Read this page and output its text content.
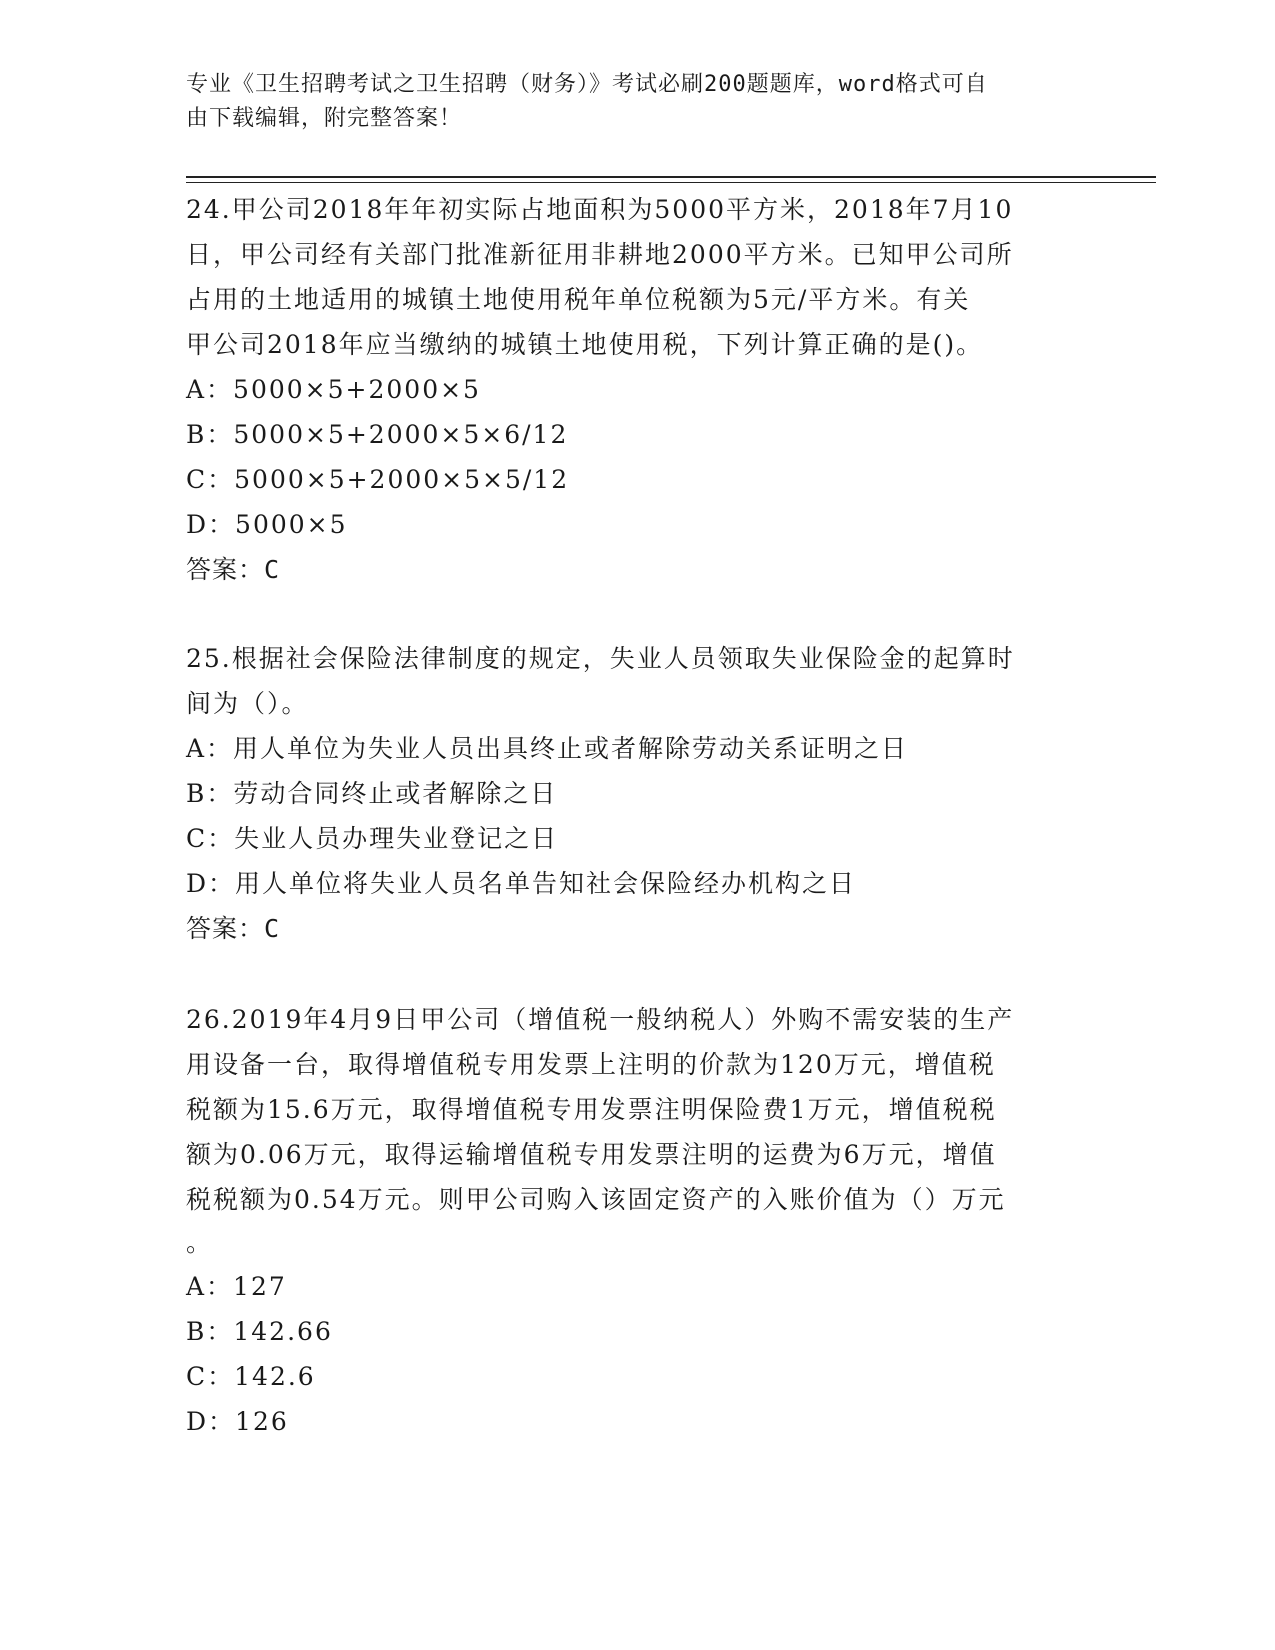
专业《卫生招聘考试之卫生招聘（财务）》考试必刷200题题库，word格式可自
由下载编辑，附完整答案！

24.甲公司2018年年初实际占地面积为5000平方米，2018年7月10

日，甲公司经有关部门批准新征用非耕地2000平方米。已知甲公司所

占用的土地适用的城镇土地使用税年单位税额为5元/平方米。有关

甲公司2018年应当缴纳的城镇土地使用税，下列计算正确的是()。

A：5000×5+2000×5

B：5000×5+2000×5×6/12

C：5000×5+2000×5×5/12

D：5000×5

答案：C

25.根据社会保险法律制度的规定，失业人员领取失业保险金的起算时

间为（）。

A：用人单位为失业人员出具终止或者解除劳动关系证明之日

B：劳动合同终止或者解除之日

C：失业人员办理失业登记之日

D：用人单位将失业人员名单告知社会保险经办机构之日

答案：C

26.2019年4月9日甲公司（增值税一般纳税人）外购不需安装的生产

用设备一台，取得增值税专用发票上注明的价款为120万元，增值税

税额为15.6万元，取得增值税专用发票注明保险费1万元，增值税税

额为0.06万元，取得运输增值税专用发票注明的运费为6万元，增值

税税额为0.54万元。则甲公司购入该固定资产的入账价值为（）万元

。

A：127

B：142.66

C：142.6

D：126
